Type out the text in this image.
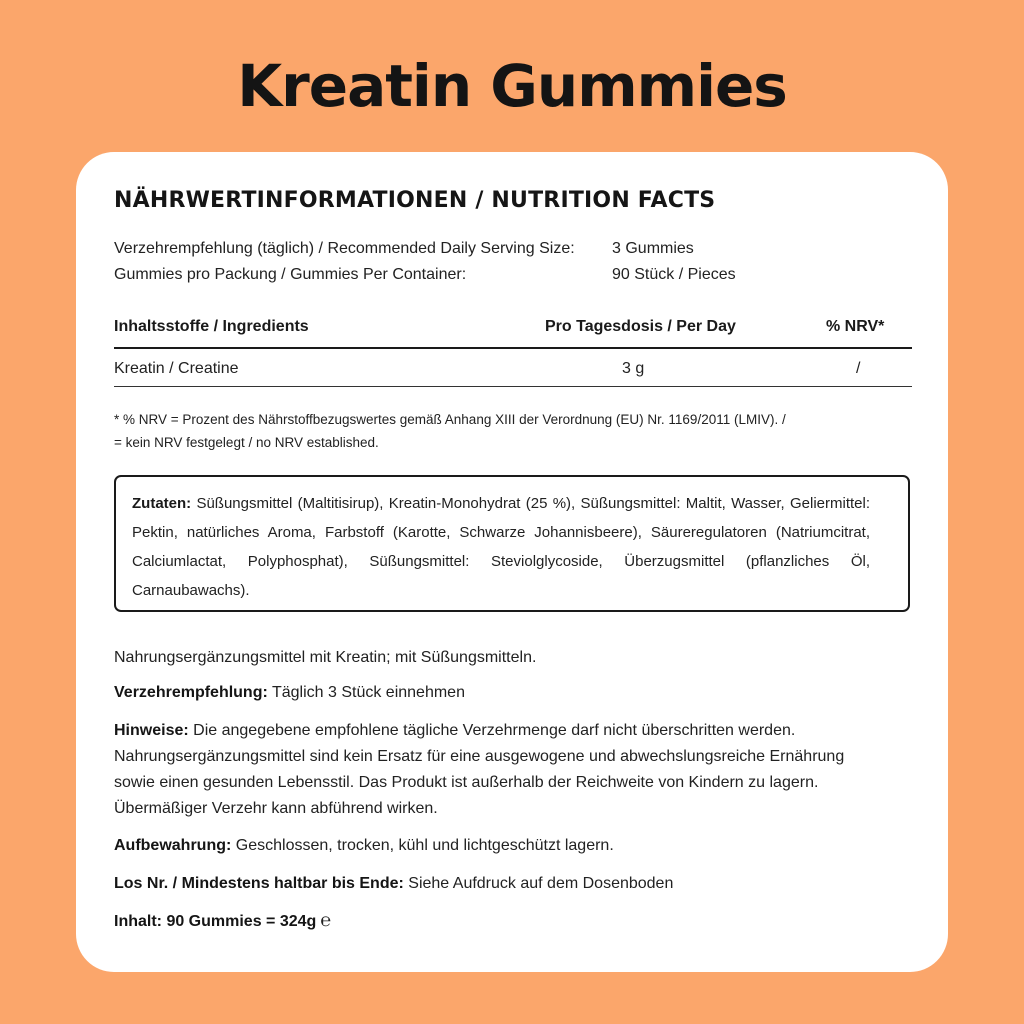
Kreatin Gummies
NÄHRWERTINFORMATIONEN / NUTRITION FACTS
Verzehrempfehlung (täglich) / Recommended Daily Serving Size: 3 Gummies
Gummies pro Packung / Gummies Per Container:	90 Stück / Pieces
Inhaltsstoffe / Ingredients	Pro Tagesdosis / Per Day	% NRV*
Kreatin / Creatine	3 g	/

* % NRV = Prozent des Nährstoffbezugswertes gemäß Anhang XIII der Verordnung (EU) Nr. 1169/2011 (LMIV). /
= kein NRV festgelegt / no NRV established.

Zutaten: Süßungsmittel (Maltitisirup), Kreatin-Monohydrat (25 %), Süßungsmittel: Maltit, Wasser, Geliermittel: Pektin, natürliches Aroma, Farbstoff (Karotte, Schwarze Johannisbeere), Säureregulatoren (Natriumcitrat, Calciumlactat, Polyphosphat), Süßungsmittel: Steviolglycoside, Überzugsmittel (pflanzliches Öl, Carnaubawachs).

Nahrungsergänzungsmittel mit Kreatin; mit Süßungsmitteln.

Verzehrempfehlung: Täglich 3 Stück einnehmen

Hinweise: Die angegebene empfohlene tägliche Verzehrmenge darf nicht überschritten werden. Nahrungsergänzungsmittel sind kein Ersatz für eine ausgewogene und abwechslungsreiche Ernährung sowie einen gesunden Lebensstil. Das Produkt ist außerhalb der Reichweite von Kindern zu lagern. Übermäßiger Verzehr kann abführend wirken.

Aufbewahrung: Geschlossen, trocken, kühl und lichtgeschützt lagern.

Los Nr. / Mindestens haltbar bis Ende: Siehe Aufdruck auf dem Dosenboden

Inhalt: 90 Gummies = 324g ℮
